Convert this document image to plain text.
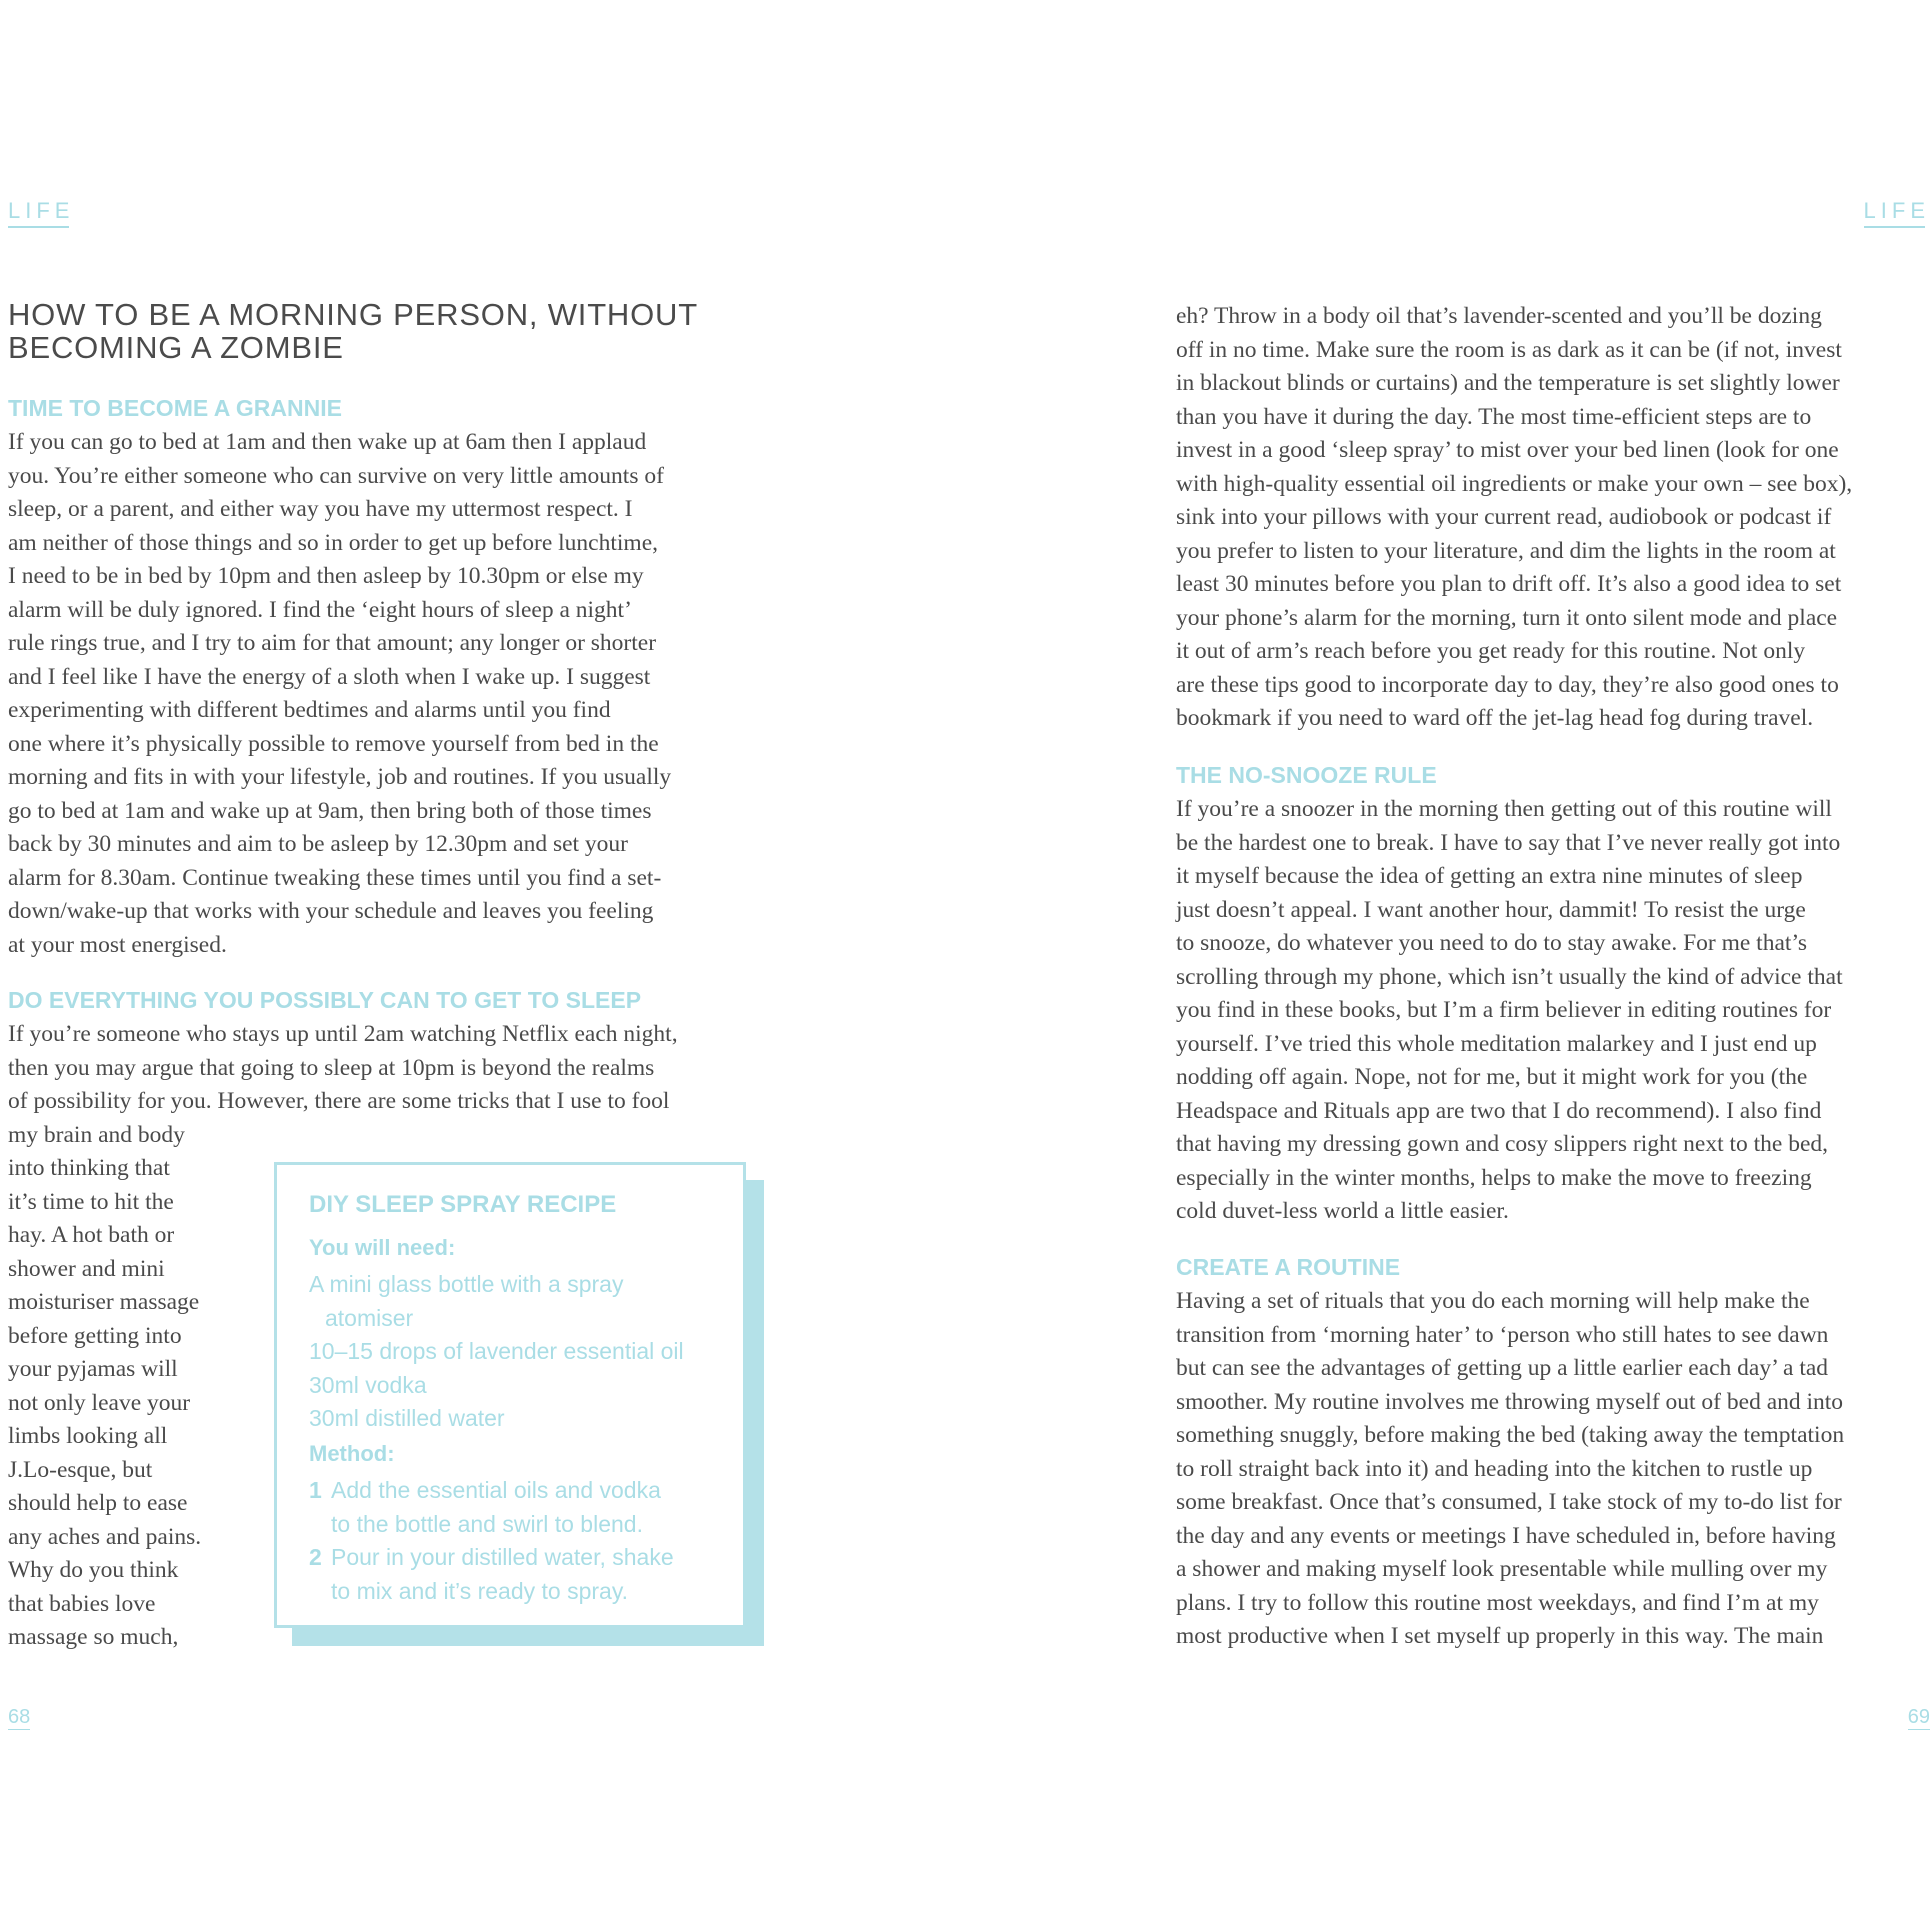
LIFE
HOW TO BE A MORNING PERSON, WITHOUT
BECOMING A ZOMBIE
TIME TO BECOME A GRANNIE
If you can go to bed at 1am and then wake up at 6am then I applaud
you. You’re either someone who can survive on very little amounts of
sleep, or a parent, and either way you have my uttermost respect. I
am neither of those things and so in order to get up before lunchtime,
I need to be in bed by 10pm and then asleep by 10.30pm or else my
alarm will be duly ignored. I find the ‘eight hours of sleep a night’
rule rings true, and I try to aim for that amount; any longer or shorter
and I feel like I have the energy of a sloth when I wake up. I suggest
experimenting with different bedtimes and alarms until you find
one where it’s physically possible to remove yourself from bed in the
morning and fits in with your lifestyle, job and routines. If you usually
go to bed at 1am and wake up at 9am, then bring both of those times
back by 30 minutes and aim to be asleep by 12.30pm and set your
alarm for 8.30am. Continue tweaking these times until you find a set-
down/wake-up that works with your schedule and leaves you feeling
at your most energised.
DO EVERYTHING YOU POSSIBLY CAN TO GET TO SLEEP
If you’re someone who stays up until 2am watching Netflix each night,
then you may argue that going to sleep at 10pm is beyond the realms
of possibility for you. However, there are some tricks that I use to fool
my brain and body
into thinking that
it’s time to hit the
hay. A hot bath or
shower and mini
moisturiser massage
before getting into
your pyjamas will
not only leave your
limbs looking all
J.Lo-esque, but
should help to ease
any aches and pains.
Why do you think
that babies love
massage so much,
DIY SLEEP SPRAY RECIPE

You will need:

A mini glass bottle with a spray
atomiser
10–15 drops of lavender essential oil
30ml vodka
30ml distilled water

Method:

1 Add the essential oils and vodka
to the bottle and swirl to blend.
2 Pour in your distilled water, shake
to mix and it’s ready to spray.
68
LIFE
eh? Throw in a body oil that’s lavender-scented and you’ll be dozing
off in no time. Make sure the room is as dark as it can be (if not, invest
in blackout blinds or curtains) and the temperature is set slightly lower
than you have it during the day. The most time-efficient steps are to
invest in a good ‘sleep spray’ to mist over your bed linen (look for one
with high-quality essential oil ingredients or make your own – see box),
sink into your pillows with your current read, audiobook or podcast if
you prefer to listen to your literature, and dim the lights in the room at
least 30 minutes before you plan to drift off. It’s also a good idea to set
your phone’s alarm for the morning, turn it onto silent mode and place
it out of arm’s reach before you get ready for this routine. Not only
are these tips good to incorporate day to day, they’re also good ones to
bookmark if you need to ward off the jet-lag head fog during travel.
THE NO-SNOOZE RULE
If you’re a snoozer in the morning then getting out of this routine will
be the hardest one to break. I have to say that I’ve never really got into
it myself because the idea of getting an extra nine minutes of sleep
just doesn’t appeal. I want another hour, dammit! To resist the urge
to snooze, do whatever you need to do to stay awake. For me that’s
scrolling through my phone, which isn’t usually the kind of advice that
you find in these books, but I’m a firm believer in editing routines for
yourself. I’ve tried this whole meditation malarkey and I just end up
nodding off again. Nope, not for me, but it might work for you (the
Headspace and Rituals app are two that I do recommend). I also find
that having my dressing gown and cosy slippers right next to the bed,
especially in the winter months, helps to make the move to freezing
cold duvet-less world a little easier.
CREATE A ROUTINE
Having a set of rituals that you do each morning will help make the
transition from ‘morning hater’ to ‘person who still hates to see dawn
but can see the advantages of getting up a little earlier each day’ a tad
smoother. My routine involves me throwing myself out of bed and into
something snuggly, before making the bed (taking away the temptation
to roll straight back into it) and heading into the kitchen to rustle up
some breakfast. Once that’s consumed, I take stock of my to-do list for
the day and any events or meetings I have scheduled in, before having
a shower and making myself look presentable while mulling over my
plans. I try to follow this routine most weekdays, and find I’m at my
most productive when I set myself up properly in this way. The main
69
